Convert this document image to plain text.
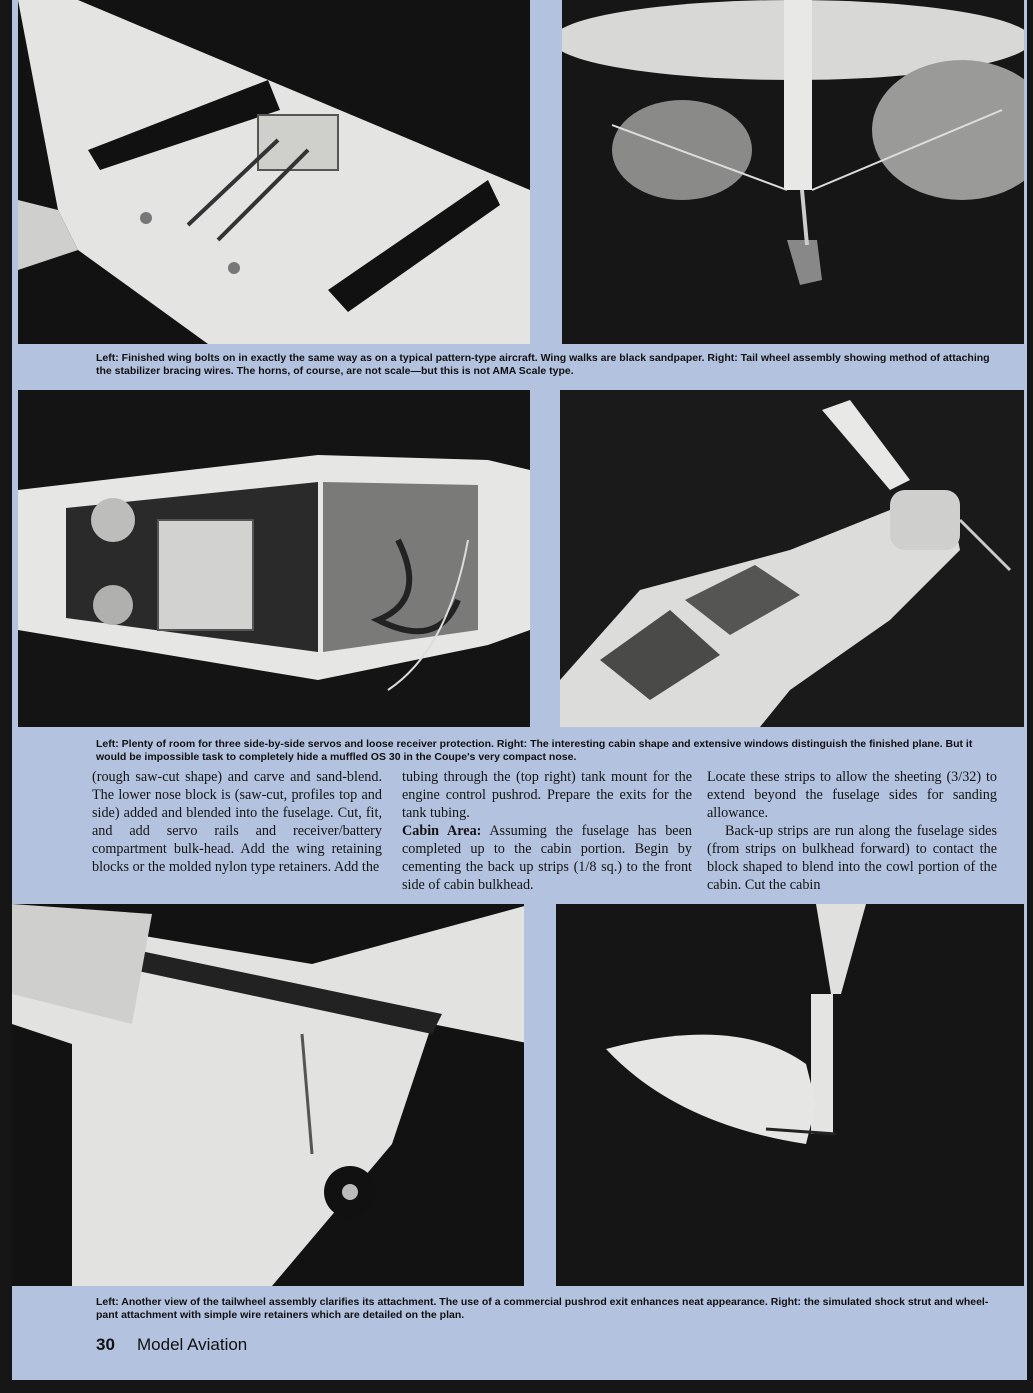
Left: Finished wing bolts on in exactly the same way as on a typical pattern-type aircraft. Wing walks are black sandpaper. Right: Tail wheel assembly showing method of attaching the stabilizer bracing wires. The horns, of course, are not scale—but this is not AMA Scale type.

Left: Plenty of room for three side-by-side servos and loose receiver protection. Right: The interesting cabin shape and extensive windows distinguish the finished plane. But it would be impossible task to completely hide a muffled OS 30 in the Coupe's very compact nose.

(rough saw-cut shape) and carve and sand-blend. The lower nose block is (saw-cut, profiles top and side) added and blended into the fuselage. Cut, fit, and add servo rails and receiver/battery compartment bulk-head. Add the wing retaining blocks or the molded nylon type retainers. Add the

tubing through the (top right) tank mount for the engine control pushrod. Prepare the exits for the tank tubing.

Cabin Area: Assuming the fuselage has been completed up to the cabin portion. Begin by cementing the back up strips (1/8 sq.) to the front side of cabin bulkhead.

Locate these strips to allow the sheeting (3/32) to extend beyond the fuselage sides for sanding allowance.

Back-up strips are run along the fuselage sides (from strips on bulkhead forward) to contact the block shaped to blend into the cowl portion of the cabin. Cut the cabin

Left: Another view of the tailwheel assembly clarifies its attachment. The use of a commercial pushrod exit enhances neat appearance. Right: the simulated shock strut and wheel-pant attachment with simple wire retainers which are detailed on the plan.

30 Model Aviation
